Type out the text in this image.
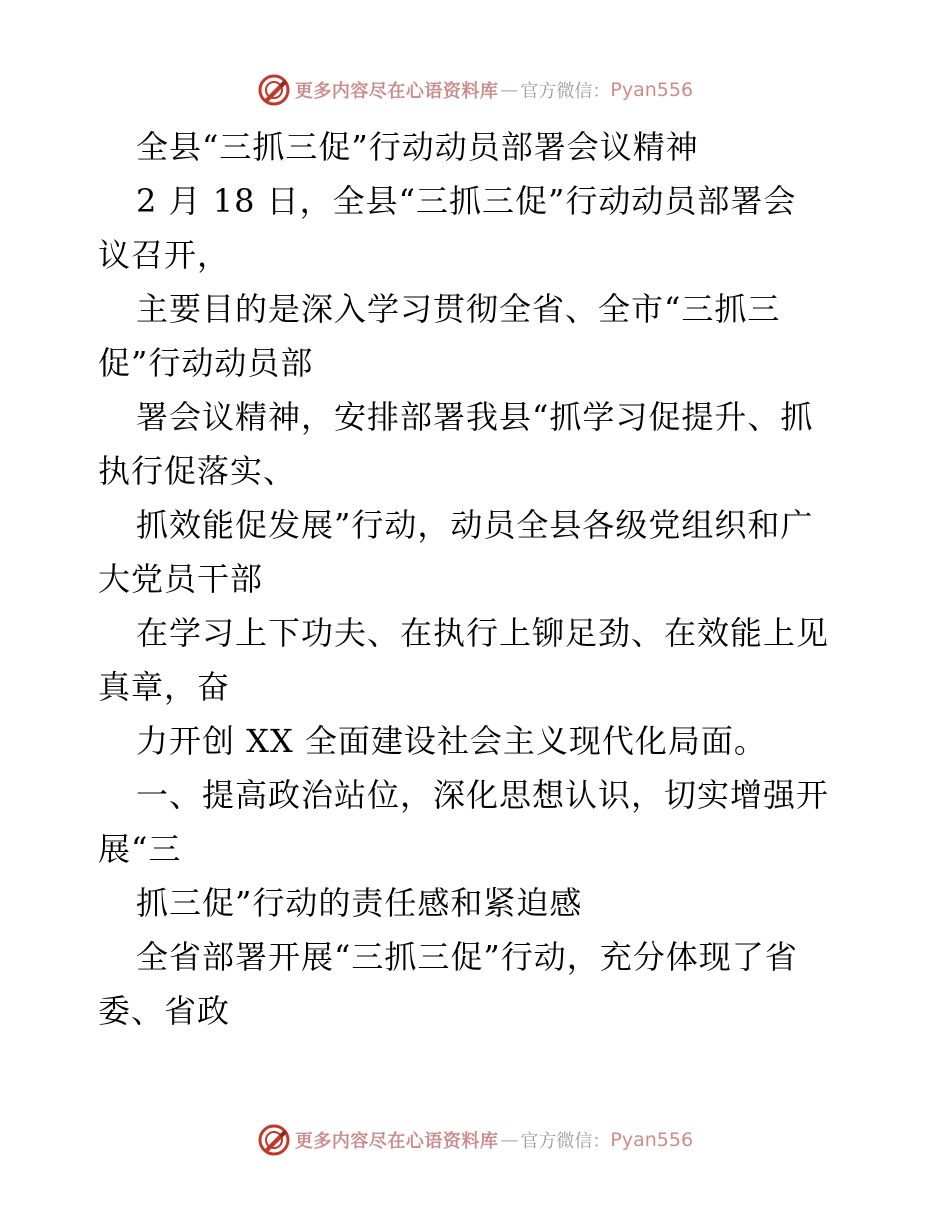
更多内容尽在心语资料库 — 官方微信： Pyan556
全县“三抓三促”行动动员部署会议精神
2 月 18 日，全县“三抓三促”行动动员部署会
议召开，
主要目的是深入学习贯彻全省、全市“三抓三
促”行动动员部
署会议精神，安排部署我县“抓学习促提升、抓
执行促落实、
抓效能促发展”行动，动员全县各级党组织和广
大党员干部
在学习上下功夫、在执行上铆足劲、在效能上见
真章，奋
力开创 XX 全面建设社会主义现代化局面。
一、提高政治站位，深化思想认识，切实增强开
展“三
抓三促”行动的责任感和紧迫感
全省部署开展“三抓三促”行动，充分体现了省
委、省政
更多内容尽在心语资料库 — 官方微信： Pyan556
